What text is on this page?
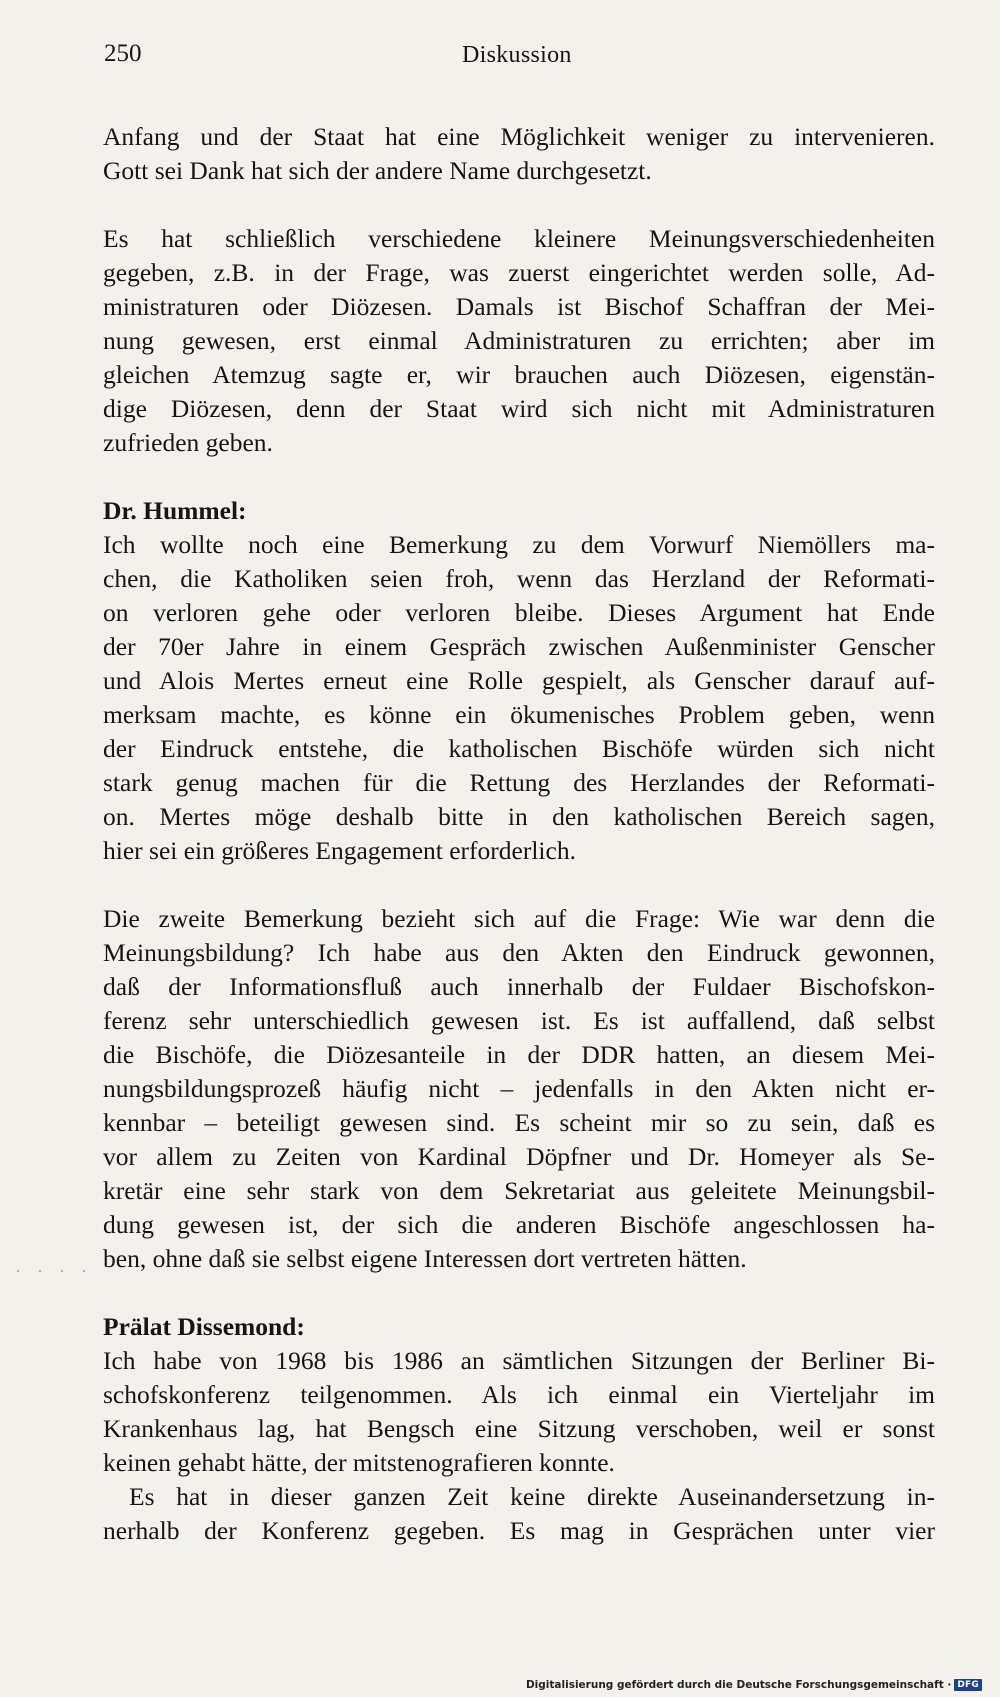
250	Diskussion
Anfang und der Staat hat eine Möglichkeit weniger zu intervenieren.
Gott sei Dank hat sich der andere Name durchgesetzt.
Es hat schließlich verschiedene kleinere Meinungsverschiedenheiten
gegeben, z.B. in der Frage, was zuerst eingerichtet werden solle, Ad-
ministraturen oder Diözesen. Damals ist Bischof Schaffran der Mei-
nung gewesen, erst einmal Administraturen zu errichten; aber im
gleichen Atemzug sagte er, wir brauchen auch Diözesen, eigenstän-
dige Diözesen, denn der Staat wird sich nicht mit Administraturen
zufrieden geben.
Dr. Hummel:
Ich wollte noch eine Bemerkung zu dem Vorwurf Niemöllers ma-
chen, die Katholiken seien froh, wenn das Herzland der Reformati-
on verloren gehe oder verloren bleibe. Dieses Argument hat Ende
der 70er Jahre in einem Gespräch zwischen Außenminister Genscher
und Alois Mertes erneut eine Rolle gespielt, als Genscher darauf auf-
merksam machte, es könne ein ökumenisches Problem geben, wenn
der Eindruck entstehe, die katholischen Bischöfe würden sich nicht
stark genug machen für die Rettung des Herzlandes der Reformati-
on. Mertes möge deshalb bitte in den katholischen Bereich sagen,
hier sei ein größeres Engagement erforderlich.
Die zweite Bemerkung bezieht sich auf die Frage: Wie war denn die
Meinungsbildung? Ich habe aus den Akten den Eindruck gewonnen,
daß der Informationsfluß auch innerhalb der Fuldaer Bischofskon-
ferenz sehr unterschiedlich gewesen ist. Es ist auffallend, daß selbst
die Bischöfe, die Diözesanteile in der DDR hatten, an diesem Mei-
nungsbildungsprozeß häufig nicht – jedenfalls in den Akten nicht er-
kennbar – beteiligt gewesen sind. Es scheint mir so zu sein, daß es
vor allem zu Zeiten von Kardinal Döpfner und Dr. Homeyer als Se-
kretär eine sehr stark von dem Sekretariat aus geleitete Meinungsbil-
dung gewesen ist, der sich die anderen Bischöfe angeschlossen ha-
ben, ohne daß sie selbst eigene Interessen dort vertreten hätten.
Prälat Dissemond:
Ich habe von 1968 bis 1986 an sämtlichen Sitzungen der Berliner Bi-
schofskonferenz teilgenommen. Als ich einmal ein Vierteljahr im
Krankenhaus lag, hat Bengsch eine Sitzung verschoben, weil er sonst
keinen gehabt hätte, der mitstenografieren konnte.
Es hat in dieser ganzen Zeit keine direkte Auseinandersetzung in-
nerhalb der Konferenz gegeben. Es mag in Gesprächen unter vier
Digitalisierung gefördert durch die Deutsche Forschungsgemeinschaft · DFG
